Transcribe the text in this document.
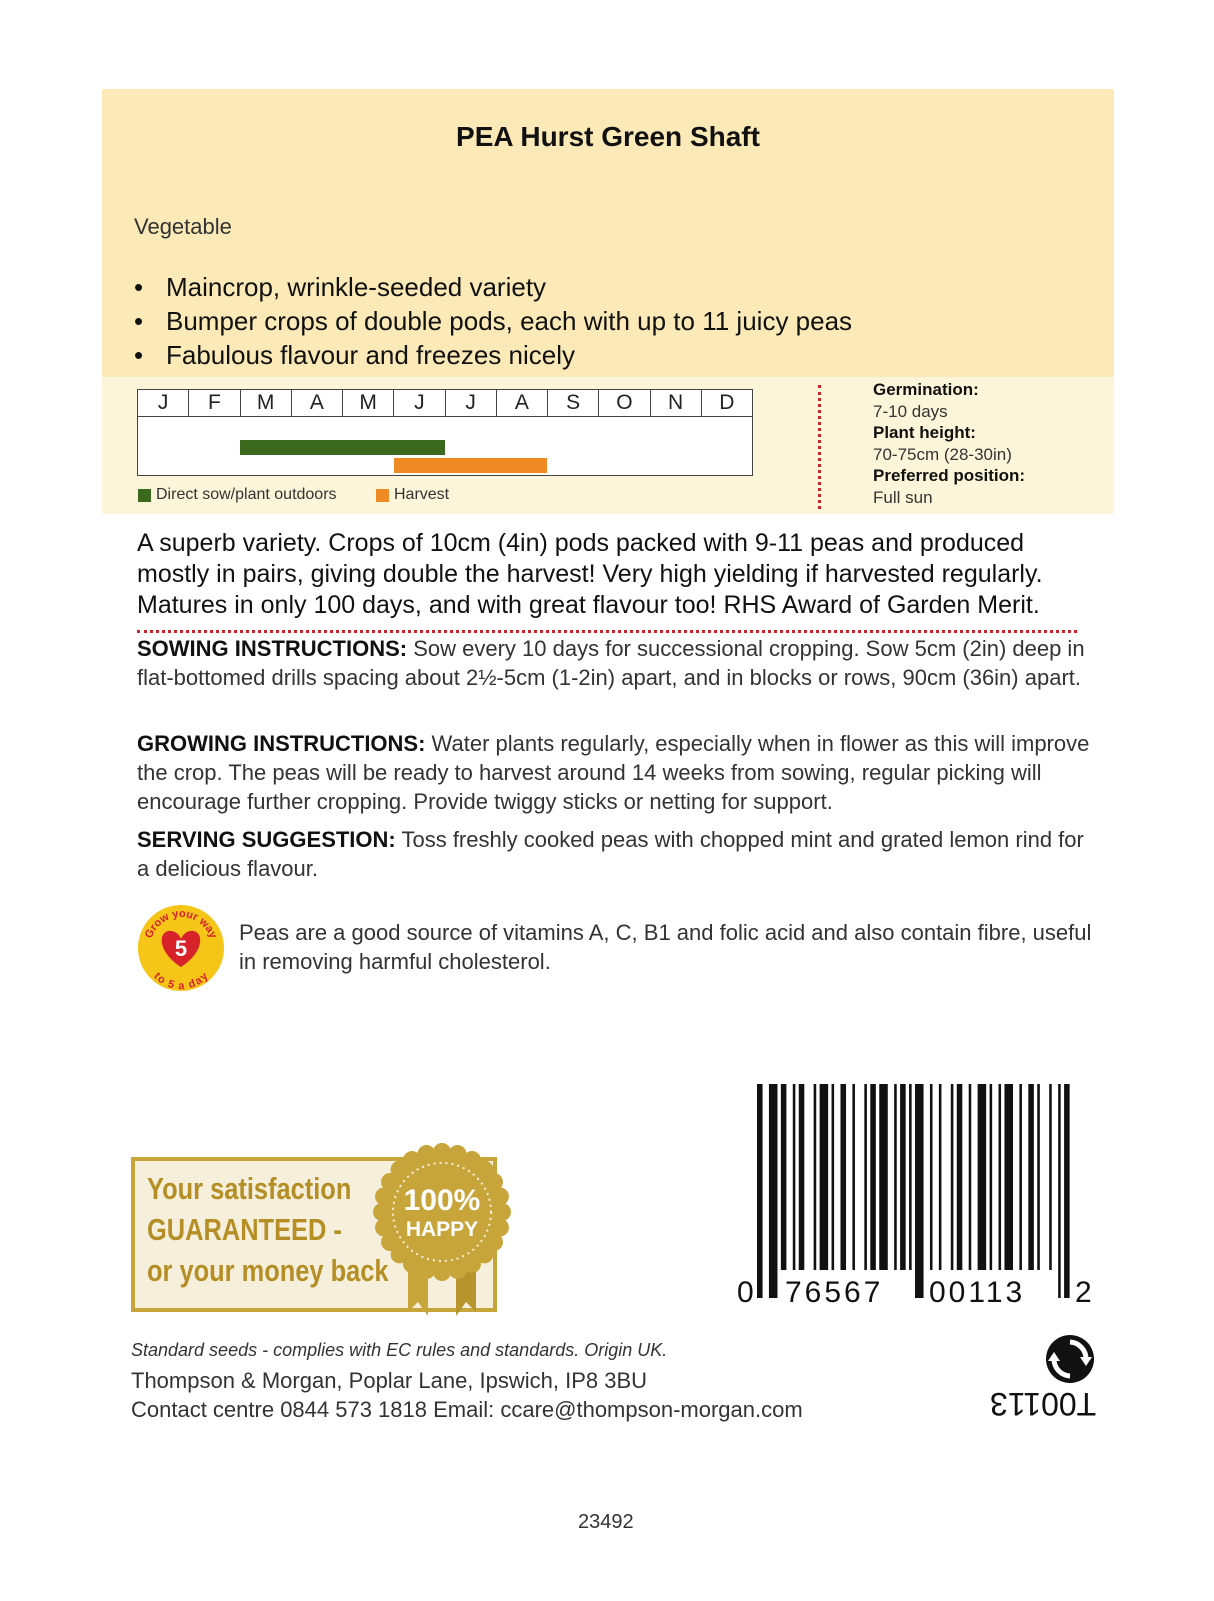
PEA Hurst Green Shaft
Vegetable
• Maincrop, wrinkle-seeded variety
• Bumper crops of double pods, each with up to 11 juicy peas
• Fabulous flavour and freezes nicely
J	F	M	A	M	J	J	A	S	O	N	D
Direct sow/plant outdoors	Harvest
Germination:
7-10 days
Plant height:
70-75cm (28-30in)
Preferred position:
Full sun
A superb variety. Crops of 10cm (4in) pods packed with 9-11 peas and produced mostly in pairs, giving double the harvest! Very high yielding if harvested regularly. Matures in only 100 days, and with great flavour too! RHS Award of Garden Merit.
SOWING INSTRUCTIONS: Sow every 10 days for successional cropping. Sow 5cm (2in) deep in flat-bottomed drills spacing about 2½-5cm (1-2in) apart, and in blocks or rows, 90cm (36in) apart.
GROWING INSTRUCTIONS: Water plants regularly, especially when in flower as this will improve the crop. The peas will be ready to harvest around 14 weeks from sowing, regular picking will encourage further cropping. Provide twiggy sticks or netting for support.
SERVING SUGGESTION: Toss freshly cooked peas with chopped mint and grated lemon rind for a delicious flavour.
5
Grow your way
to 5 a day
Peas are a good source of vitamins A, C, B1 and folic acid and also contain fibre, useful in removing harmful cholesterol.
Your satisfaction
GUARANTEED -
or your money back
100%
HAPPY
0 76567 00113 2
T00113
Standard seeds - complies with EC rules and standards. Origin UK.
Thompson & Morgan, Poplar Lane, Ipswich, IP8 3BU
Contact centre 0844 573 1818 Email: ccare@thompson-morgan.com
23492
